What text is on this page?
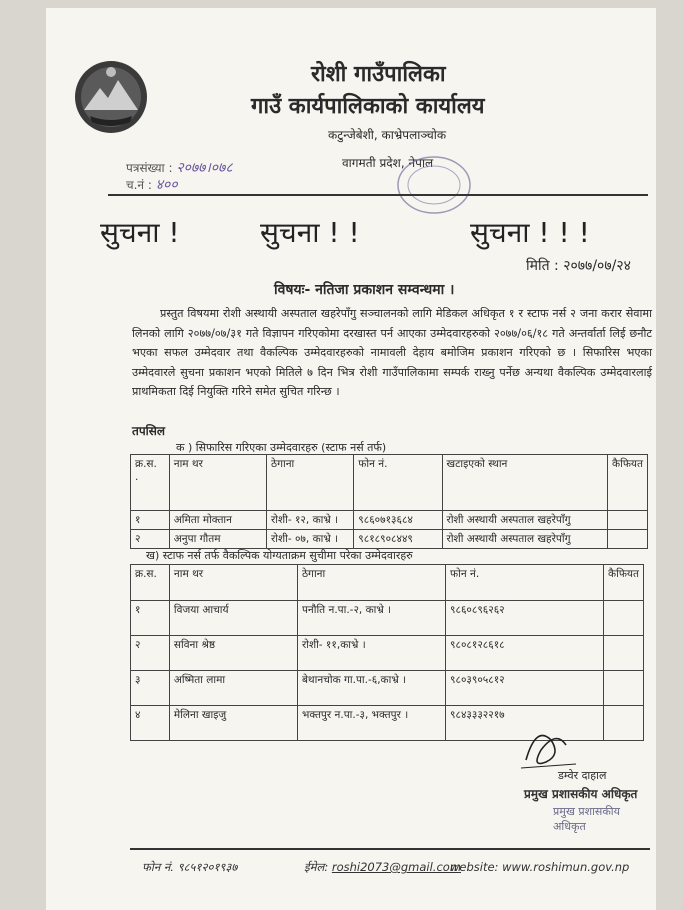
रोशी गाउँपालिका
गाउँ कार्यपालिकाको कार्यालय
कटुन्जेबेशी, काभ्रेपलाञ्चोक
वागमती प्रदेश, नेपाल
पत्रसंख्या : २०७७।०७८
च.नं : ४००
सुचना !	सुचना ! !	सुचना ! ! !
मिति : २०७७/०७/२४
विषयः- नतिजा प्रकाशन सम्वन्धमा ।
प्रस्तुत विषयमा रोशी अस्थायी अस्पताल खहरेपाँगु सञ्चालनको लागि मेडिकल अधिकृत १ र स्टाफ नर्स २ जना करार सेवामा लिनको लागि २०७७/०७/३१ गते विज्ञापन गरिएकोमा दरखास्त पर्न आएका उम्मेदवारहरुको २०७७/०६/१८ गते अन्तर्वार्ता लिई छनौट भएका सफल उम्मेदवार तथा वैकल्पिक उम्मेदवारहरुको नामावली देहाय बमोजिम प्रकाशन गरिएको छ । सिफारिस भएका उम्मेदवारले सुचना प्रकाशन भएको मितिले ७ दिन भित्र रोशी गाउँपालिकामा सम्पर्क राख्नु पर्नेछ अन्यथा वैकल्पिक उम्मेदवारलाई प्राथमिकता दिई नियुक्ति गरिने समेत सुचित गरिन्छ ।
तपसिल
क ) सिफारिस गरिएका उम्मेदवारहरु (स्टाफ नर्स तर्फ)
क्र.स.
.	नाम थर	ठेगाना	फोन नं.	खटाइएको स्थान	कैफियत
१	अमिता मोक्तान	रोशी- १२, काभ्रे ।	९८६०७१३६८४	रोशी अस्थायी अस्पताल खहरेपाँगु	
२	अनुपा गौतम	रोशी- ०७, काभ्रे ।	९८१८९०८४४९	रोशी अस्थायी अस्पताल खहरेपाँगु	
ख) स्टाफ नर्स तर्फ वैकल्पिक योग्यताक्रम सुचीमा परेका उम्मेदवारहरु
क्र.स.	नाम थर	ठेगाना	फोन नं.	कैफियत
१	विजया आचार्य	पनौति न.पा.-२, काभ्रे ।	९८६०८९६२६२	
२	सविना श्रेष्ठ	रोशी- ११,काभ्रे ।	९८०८१२८६१८	
३	अष्मिता लामा	बेथानचोक गा.पा.-६,काभ्रे ।	९८०३९०५८१२	
४	मेलिना खाइजु	भक्तपुर न.पा.-३, भक्तपुर ।	९८४३३३२२१७	
डम्वेर दाहाल
प्रमुख प्रशासकीय अधिकृत
प्रमुख प्रशासकीय अधिकृत
फोन नं. ९८५१२०१९३७	ईमेल: roshi2073@gmail.com
website: www.roshimun.gov.np
